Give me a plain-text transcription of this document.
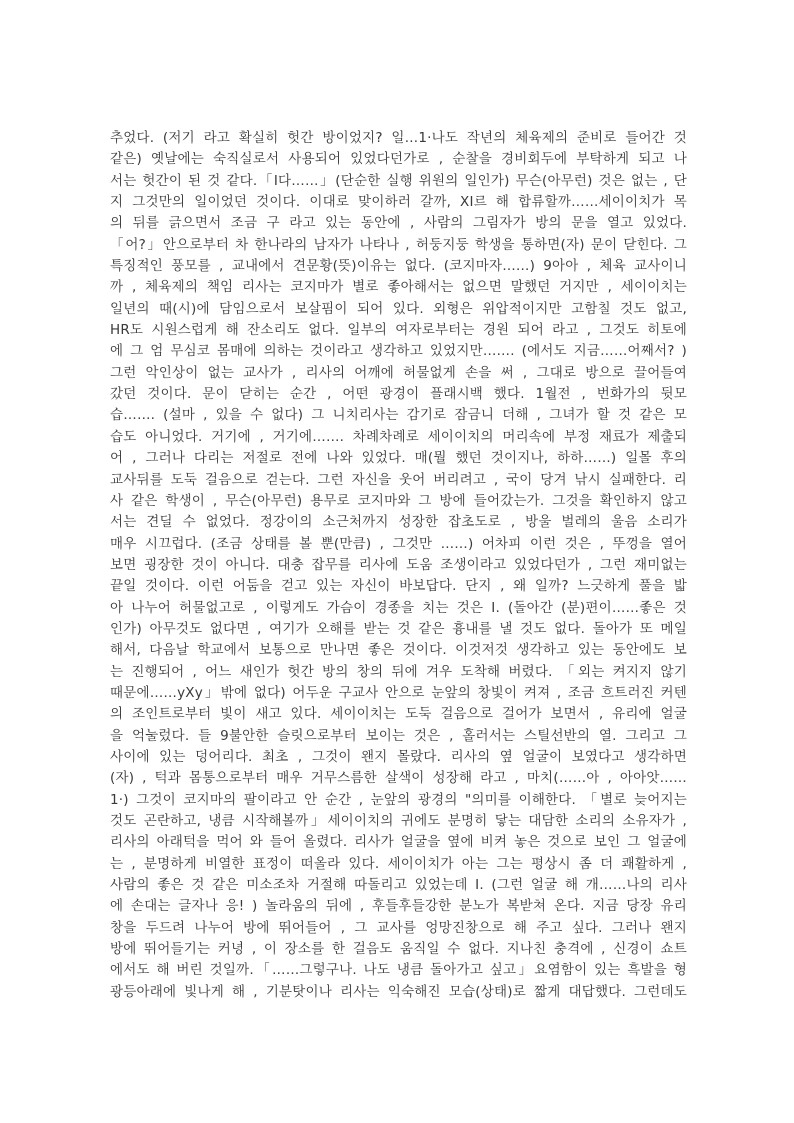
추었다. (저기 라고 확실히 헛간 방이었지? 일…1·나도 작년의 체육제의 준비로 들어간 것
같은) 옛날에는 숙직실로서 사용되어 있었다던가로 , 순찰을 경비회두에 부탁하게 되고 나
서는 헛간이 된 것 같다.「I다……」(단순한 실행 위원의 일인가) 무슨(아무런) 것은 없는 , 단
지 그것만의 일이었던 것이다. 이대로 맞이하러 갈까, XI르 해 합류할까……세이이치가 목
의 뒤를 긁으면서 조금 구 라고 있는 동안에 , 사람의 그림자가 방의 문을 열고 있었다.
「어?」안으로부터 차 한나라의 남자가 나타나 , 허둥지둥 학생을 통하면(자) 문이 닫힌다. 그
특징적인 풍모를 , 교내에서 견문황(뜻)이유는 없다. (코지마자……) 9아아 , 체육 교사이니
까 , 체육제의 책임 리사는 코지마가 별로 좋아해서는 없으면 말했던 거지만 , 세이이치는
일년의 때(시)에 담임으로서 보살핌이 되어 있다. 외형은 위압적이지만 고함칠 것도 없고,
HR도 시원스럽게 해 잔소리도 없다. 일부의 여자로부터는 경원 되어 라고 , 그것도 히토에
에 그 엄 무심코 몸매에 의하는 것이라고 생각하고 있었지만……. (에서도 지금……어째서? )
그런 악인상이 없는 교사가 , 리사의 어깨에 허물없게 손을 써 , 그대로 방으로 끌어들여
갔던 것이다. 문이 닫히는 순간 , 어떤 광경이 플래시백 했다. 1월전 , 번화가의 뒷모
습……. (설마 , 있을 수 없다) 그 니치리사는 감기로 잠금니 더해 , 그녀가 할 것 같은 모
습도 아니었다. 거기에 , 거기에……. 차례차례로 세이이치의 머리속에 부정 재료가 제출되
어 , 그러나 다리는 저절로 전에 나와 있었다. 매(뭘 했던 것이지나, 하하……) 일몰 후의
교사뒤를 도둑 걸음으로 걷는다. 그런 자신을 웃어 버리려고 , 국이 당겨 낚시 실패한다. 리
사 같은 학생이 , 무슨(아무런) 용무로 코지마와 그 방에 들어갔는가. 그것을 확인하지 않고
서는 견딜 수 없었다. 정강이의 소근처까지 성장한 잡초도로 , 방울 벌레의 울음 소리가
매우 시끄럽다. (조금 상태를 볼 뿐(만큼) , 그것만 ……) 어차피 이런 것은 , 뚜껑을 열어
보면 굉장한 것이 아니다. 대충 잡무를 리사에 도움 조생이라고 있었다던가 , 그런 재미없는
끝일 것이다. 이런 어둠을 걷고 있는 자신이 바보답다. 단지 , 왜 일까? 느긋하게 풀을 밟
아 나누어 허물없고로 , 이렇게도 가슴이 경종을 치는 것은 I. (돌아간 (분)편이……좋은 것
인가) 아무것도 없다면 , 여기가 오해를 받는 것 같은 흉내를 낼 것도 없다. 돌아가 또 메일
해서, 다음날 학교에서 보통으로 만나면 좋은 것이다. 이것저것 생각하고 있는 동안에도 보
는 진행되어 , 어느 새인가 헛간 방의 창의 뒤에 겨우 도착해 버렸다. 「외는 켜지지 않기
때문에……yXy」밖에 없다) 어두운 구교사 안으로 눈앞의 창빛이 켜져 , 조금 흐트러진 커텐
의 조인트로부터 빛이 새고 있다. 세이이치는 도둑 걸음으로 걸어가 보면서 , 유리에 얼굴
을 억눌렀다. 들 9불안한 슬릿으로부터 보이는 것은 , 홀러서는 스틸선반의 열. 그리고 그
사이에 있는 덩어리다. 최초 , 그것이 왠지 몰랐다. 리사의 옆 얼굴이 보였다고 생각하면
(자) , 턱과 몸통으로부터 매우 거무스름한 살색이 성장해 라고 , 마치(……아 , 아아앗……
1·) 그것이 코지마의 팔이라고 안 순간 , 눈앞의 광경의 "의미를 이해한다. 「별로 늦어지는
것도 곤란하고, 냉큼 시작해볼까」세이이치의 귀에도 분명히 닿는 대담한 소리의 소유자가 ,
리사의 아래턱을 먹어 와 들어 올렸다. 리사가 얼굴을 옆에 비켜 놓은 것으로 보인 그 얼굴에
는 , 분명하게 비열한 표정이 떠올라 있다. 세이이치가 아는 그는 평상시 좀 더 쾌활하게 ,
사람의 좋은 것 같은 미소조차 거절해 따돌리고 있었는데 I. (그런 얼굴 해 개……나의 리사
에 손대는 글자나 응! ) 놀라움의 뒤에 , 후들후들강한 분노가 복받쳐 온다. 지금 당장 유리
창을 두드려 나누어 방에 뛰어들어 , 그 교사를 엉망진창으로 해 주고 싶다. 그러나 왠지
방에 뛰어들기는 커녕 , 이 장소를 한 걸음도 움직일 수 없다. 지나친 충격에 , 신경이 쇼트
에서도 해 버린 것일까.「……그렇구나. 나도 냉큼 돌아가고 싶고」요염함이 있는 흑발을 형
광등아래에 빛나게 해 , 기분탓이나 리사는 익숙해진 모습(상태)로 짧게 대답했다. 그런데도
